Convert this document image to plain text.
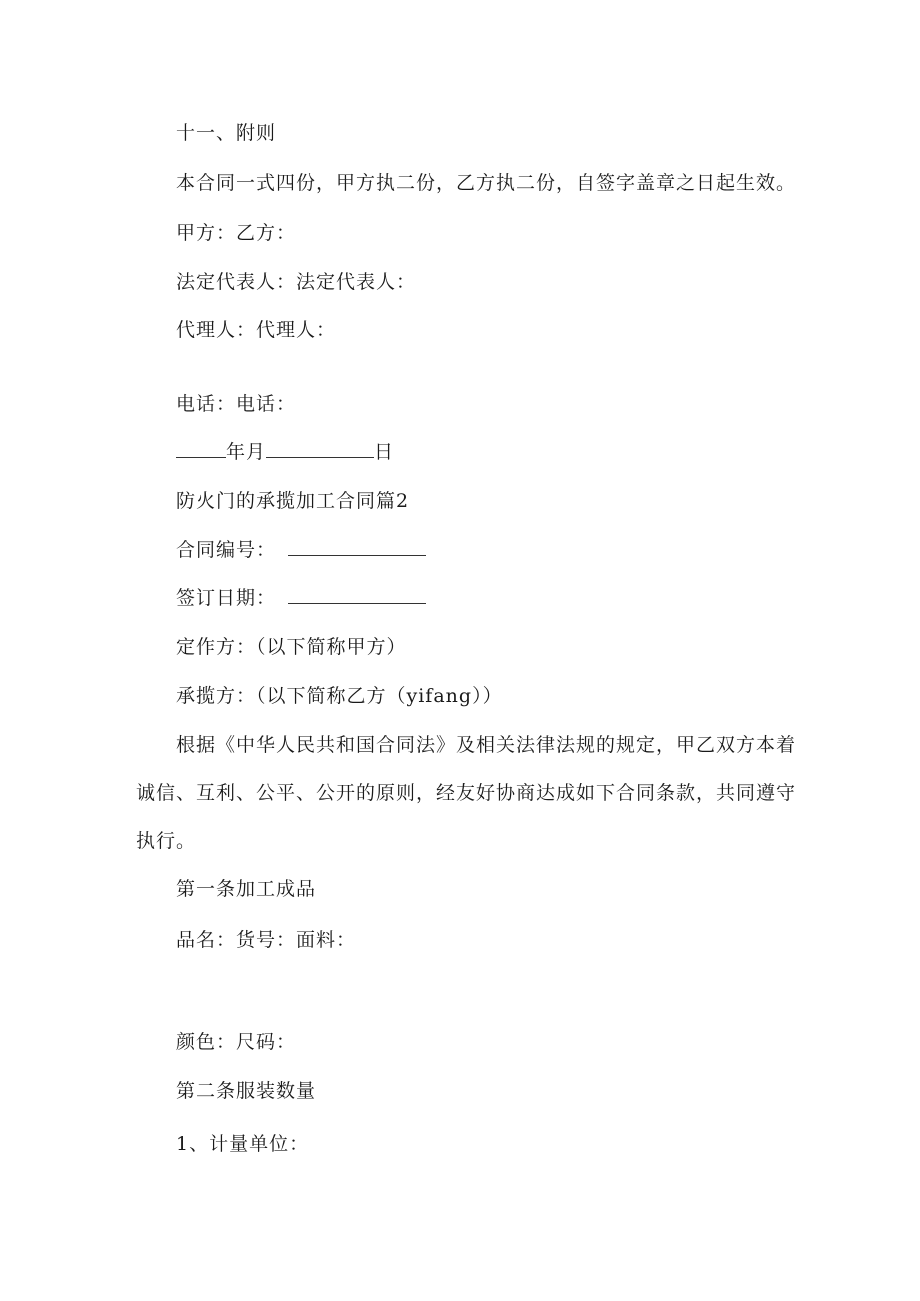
十一、附则
本合同一式四份，甲方执二份，乙方执二份，自签字盖章之日起生效。
甲方：乙方：
法定代表人：法定代表人：
代理人：代理人：
电话：电话：
年月	日
防火门的承揽加工合同篇2
合同编号：
签订日期：
定作方：（以下简称甲方）
承揽方：（以下简称乙方（yifang））
根据《中华人民共和国合同法》及相关法律法规的规定，甲乙双方本着诚信、互利、公平、公开的原则，经友好协商达成如下合同条款，共同遵守执行。
第一条加工成品
品名：货号：面料：
颜色：尺码：
第二条服装数量
1、计量单位：
